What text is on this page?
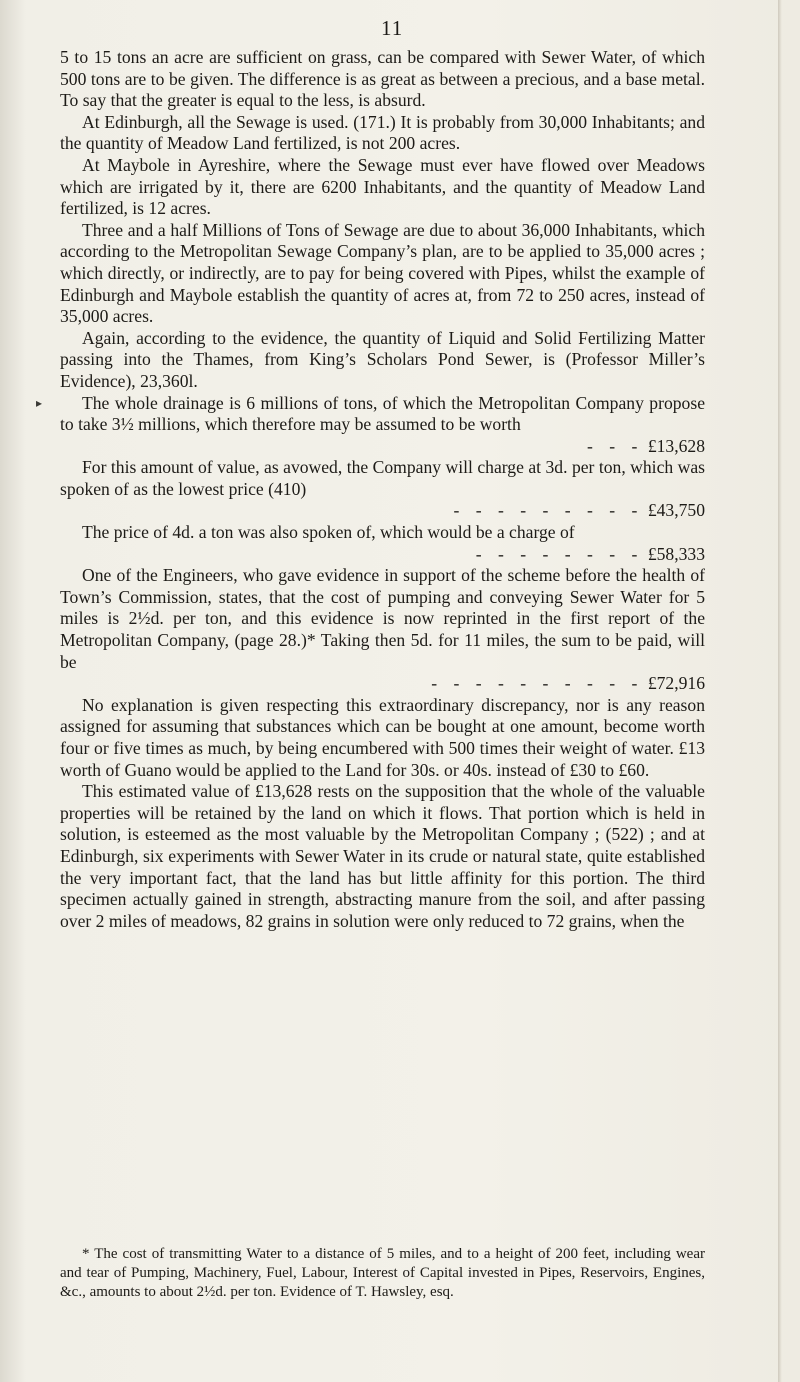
11
▸

5 to 15 tons an acre are sufficient on grass, can be compared with Sewer Water, of which 500 tons are to be given. The difference is as great as between a precious, and a base metal. To say that the greater is equal to the less, is absurd.

At Edinburgh, all the Sewage is used. (171.) It is probably from 30,000 Inhabitants; and the quantity of Meadow Land fertilized, is not 200 acres.

At Maybole in Ayreshire, where the Sewage must ever have flowed over Meadows which are irrigated by it, there are 6200 Inhabitants, and the quantity of Meadow Land fertilized, is 12 acres.

Three and a half Millions of Tons of Sewage are due to about 36,000 Inhabitants, which according to the Metropolitan Sewage Company’s plan, are to be applied to 35,000 acres ; which directly, or indirectly, are to pay for being covered with Pipes, whilst the example of Edinburgh and Maybole establish the quantity of acres at, from 72 to 250 acres, instead of 35,000 acres.

Again, according to the evidence, the quantity of Liquid and Solid Fertilizing Matter passing into the Thames, from King’s Scholars Pond Sewer, is (Professor Miller’s Evidence), 23,360l.

The whole drainage is 6 millions of tons, of which the Metropolitan Company propose to take 3½ millions, which therefore may be assumed to be worth

- - - £13,628

For this amount of value, as avowed, the Company will charge at 3d. per ton, which was spoken of as the lowest price (410)

- - - - - - - - - £43,750

The price of 4d. a ton was also spoken of, which would be a charge of

- - - - - - - - £58,333

One of the Engineers, who gave evidence in support of the scheme before the health of Town’s Commission, states, that the cost of pumping and conveying Sewer Water for 5 miles is 2½d. per ton, and this evidence is now reprinted in the first report of the Metropolitan Company, (page 28.)* Taking then 5d. for 11 miles, the sum to be paid, will be

- - - - - - - - - - £72,916

No explanation is given respecting this extraordinary discrepancy, nor is any reason assigned for assuming that substances which can be bought at one amount, become worth four or five times as much, by being encumbered with 500 times their weight of water. £13 worth of Guano would be applied to the Land for 30s. or 40s. instead of £30 to £60.

This estimated value of £13,628 rests on the supposition that the whole of the valuable properties will be retained by the land on which it flows. That portion which is held in solution, is esteemed as the most valuable by the Metropolitan Company ; (522) ; and at Edinburgh, six experiments with Sewer Water in its crude or natural state, quite established the very important fact, that the land has but little affinity for this portion. The third specimen actually gained in strength, abstracting manure from the soil, and after passing over 2 miles of meadows, 82 grains in solution were only reduced to 72 grains, when the

* The cost of transmitting Water to a distance of 5 miles, and to a height of 200 feet, including wear and tear of Pumping, Machinery, Fuel, Labour, Interest of Capital invested in Pipes, Reservoirs, Engines, &c., amounts to about 2½d. per ton. Evidence of T. Hawsley, esq.
